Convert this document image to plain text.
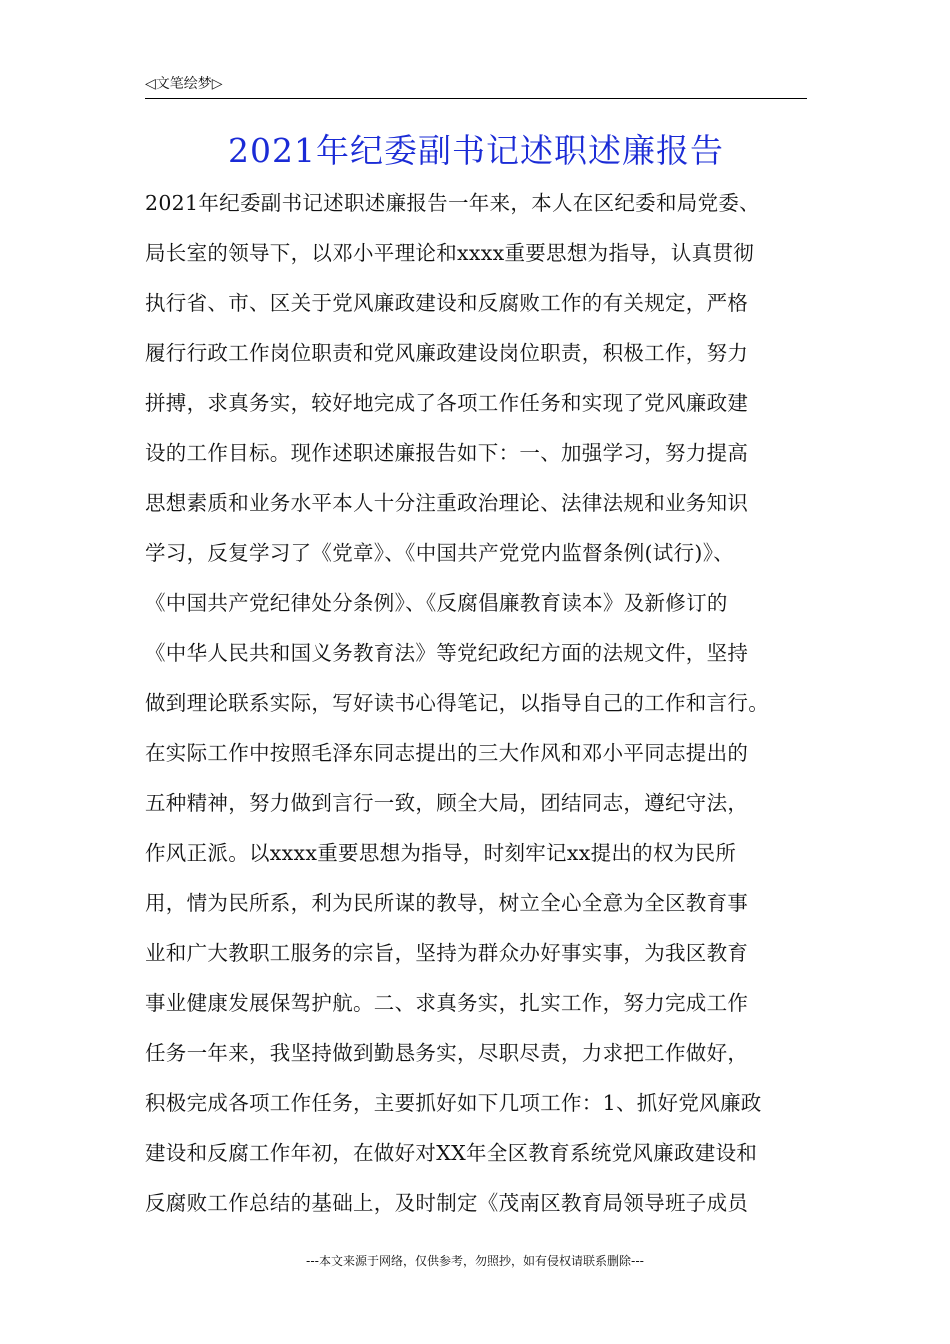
◁文笔绘梦▷
2021年纪委副书记述职述廉报告
2021年纪委副书记述职述廉报告一年来，本人在区纪委和局党委、
局长室的领导下，以邓小平理论和xxxx重要思想为指导，认真贯彻
执行省、市、区关于党风廉政建设和反腐败工作的有关规定，严格
履行行政工作岗位职责和党风廉政建设岗位职责，积极工作，努力
拼搏，求真务实，较好地完成了各项工作任务和实现了党风廉政建
设的工作目标。现作述职述廉报告如下：一、加强学习，努力提高
思想素质和业务水平本人十分注重政治理论、法律法规和业务知识
学习，反复学习了《党章》、《中国共产党党内监督条例(试行)》、
《中国共产党纪律处分条例》、《反腐倡廉教育读本》及新修订的
《中华人民共和国义务教育法》等党纪政纪方面的法规文件，坚持
做到理论联系实际，写好读书心得笔记，以指导自己的工作和言行。
在实际工作中按照毛泽东同志提出的三大作风和邓小平同志提出的
五种精神，努力做到言行一致，顾全大局，团结同志，遵纪守法，
作风正派。以xxxx重要思想为指导，时刻牢记xx提出的权为民所
用，情为民所系，利为民所谋的教导，树立全心全意为全区教育事
业和广大教职工服务的宗旨，坚持为群众办好事实事，为我区教育
事业健康发展保驾护航。二、求真务实，扎实工作，努力完成工作
任务一年来，我坚持做到勤恳务实，尽职尽责，力求把工作做好，
积极完成各项工作任务，主要抓好如下几项工作：1、抓好党风廉政
建设和反腐工作年初，在做好对XX年全区教育系统党风廉政建设和
反腐败工作总结的基础上，及时制定《茂南区教育局领导班子成员
---本文来源于网络，仅供参考，勿照抄，如有侵权请联系删除---
